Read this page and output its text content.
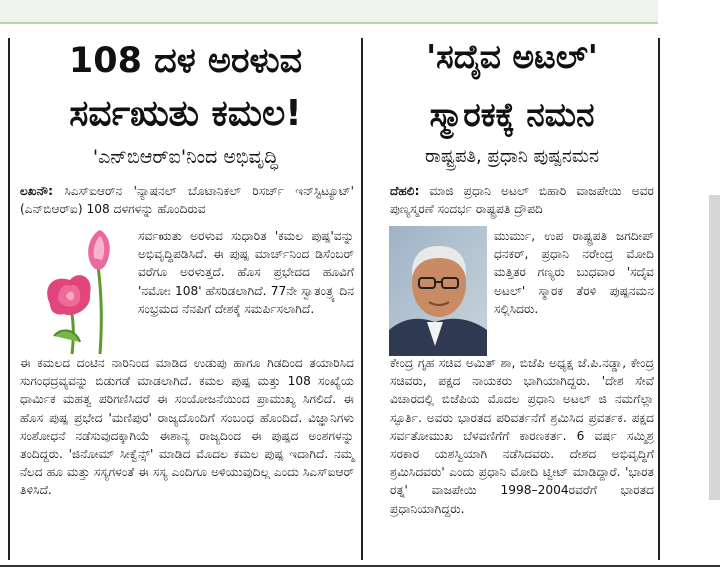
108 ದಳ ಅರಳುವ
ಸರ್ವಋತು ಕಮಲ!
'ಎನ್‌ಬಿಆರ್‌ಐ'ನಿಂದ ಅಭಿವೃದ್ಧಿ
ಲಖನೌ: ಸಿಎಸ್‌ಐಆರ್‌ನ 'ನ್ಯಾಷನಲ್ ಬೊಟಾನಿಕಲ್ ರಿಸರ್ಚ್ ಇನ್‌ಸ್ಟಿಟ್ಯೂಟ್' (ಎನ್‌ಬಿಆರ್‌ಐ) 108 ದಳಗಳನ್ನು ಹೊಂದಿರುವ
ಸರ್ವಋತು ಅರಳುವ ಸುಧಾರಿತ 'ಕಮಲ ಪುಷ್ಪ'ವನ್ನು ಅಭಿವೃದ್ಧಿಪಡಿಸಿದೆ. ಈ ಪುಷ್ಪ ಮಾರ್ಚ್‌ನಿಂದ ಡಿಸೆಂಬರ್ ವರೆಗೂ ಅರಳುತ್ತದೆ. ಹೊಸ ಪ್ರಭೇದದ ಹೂವಿಗೆ 'ನಮೋಃ 108' ಹೆಸರಿಡಲಾಗಿದೆ. 77ನೇ ಸ್ವಾತಂತ್ರ್ಯ ದಿನ ಸಂಭ್ರಮದ ನೆನಪಿಗೆ ದೇಶಕ್ಕೆ ಸಮರ್ಪಿಸಲಾಗಿದೆ.
ಈ ಕಮಲದ ದಂಟಿನ ನಾರಿನಿಂದ ಮಾಡಿದ ಉಡುಪು ಹಾಗೂ ಗಿಡದಿಂದ ತಯಾರಿಸಿದ ಸುಗಂಧದ್ರವ್ಯವನ್ನು ಬಿಡುಗಡೆ ಮಾಡಲಾಗಿದೆ. ಕಮಲ ಪುಷ್ಪ ಮತ್ತು 108 ಸಂಖ್ಯೆಯ ಧಾರ್ಮಿಕ ಮಹತ್ವ ಪರಿಗಣಿಸಿದರೆ ಈ ಸಂಯೋಜನೆಯಿಂದ ಪ್ರಾಮುಖ್ಯ ಸಿಗಲಿದೆ. ಈ ಹೊಸ ಪುಷ್ಪ ಪ್ರಭೇದ 'ಮಣಿಪುರ' ರಾಜ್ಯದೊಂದಿಗೆ ಸಂಬಂಧ ಹೊಂದಿದೆ. ವಿಜ್ಞಾನಿಗಳು ಸಂಶೋಧನೆ ನಡೆಸುವುದಕ್ಕಾಗಿಯೆ ಈಶಾನ್ಯ ರಾಜ್ಯದಿಂದ ಈ ಪುಷ್ಪದ ಅಂಶಗಳನ್ನು ತಂದಿದ್ದರು. 'ಜಿನೋಮ್ ಸೀಕ್ವೆನ್ಸ್' ಮಾಡಿದ ಮೊದಲ ಕಮಲ ಪುಷ್ಪ ಇದಾಗಿದೆ. ನಮ್ಮ ನೆಲದ ಹೂ ಮತ್ತು ಸಸ್ಯಗಳಂತೆ ಈ ಸಸ್ಯ ಎಂದಿಗೂ ಅಳಿಯುವುದಿಲ್ಲ ಎಂದು ಸಿಎಸ್‌ಐಆರ್ ತಿಳಿಸಿದೆ.
'ಸದೈವ ಅಟಲ್'
ಸ್ಮಾರಕಕ್ಕೆ ನಮನ
ರಾಷ್ಟ್ರಪತಿ, ಪ್ರಧಾನಿ ಪುಷ್ಪನಮನ
ದೆಹಲಿ: ಮಾಜಿ ಪ್ರಧಾನಿ ಅಟಲ್ ಬಿಹಾರಿ ವಾಜಪೇಯಿ ಅವರ ಪುಣ್ಯಸ್ಮರಣೆ ಸಂದರ್ಭ ರಾಷ್ಟ್ರಪತಿ ದ್ರೌಪದಿ
ಮುರ್ಮು, ಉಪ ರಾಷ್ಟ್ರಪತಿ ಜಗದೀಪ್ ಧನಕರ್, ಪ್ರಧಾನಿ ನರೇಂದ್ರ ಮೋದಿ ಮತ್ತಿತರ ಗಣ್ಯರು ಬುಧವಾರ 'ಸದೈವ ಅಟಲ್' ಸ್ಮಾರಕ ತೆರಳಿ ಪುಷ್ಪನಮನ ಸಲ್ಲಿಸಿದರು.
ಕೇಂದ್ರ ಗೃಹ ಸಚಿವ ಅಮಿತ್ ಶಾ, ಬಿಜೆಪಿ ಅಧ್ಯಕ್ಷ ಜೆ.ಪಿ.ನಡ್ಡಾ, ಕೇಂದ್ರ ಸಚಿವರು, ಪಕ್ಷದ ನಾಯಕರು ಭಾಗಿಯಾಗಿದ್ದರು. 'ದೇಶ ಸೇವೆ ವಿಚಾರದಲ್ಲಿ ಬಿಜೆಪಿಯ ಮೊದಲ ಪ್ರಧಾನಿ ಅಟಲ್ ಜಿ ನಮಗೆಲ್ಲಾ ಸ್ಫೂರ್ತಿ. ಅವರು ಭಾರತದ ಪರಿವರ್ತನೆಗೆ ಶ್ರಮಿಸಿದ ಪ್ರವರ್ತಕ. ಪಕ್ಷದ ಸರ್ವತೋಮುಖ ಬೆಳವಣಿಗೆಗೆ ಕಾರಣಕರ್ತ. 6 ವರ್ಷ ಸಮ್ಮಿಶ್ರ ಸರಕಾರ ಯಶಸ್ವಿಯಾಗಿ ನಡೆಸಿದವರು. ದೇಶದ ಅಭಿವೃದ್ಧಿಗೆ ಶ್ರಮಿಸಿದವರು' ಎಂದು ಪ್ರಧಾನಿ ಮೋದಿ ಟ್ವೀಟ್ ಮಾಡಿದ್ದಾರೆ. 'ಭಾರತ ರತ್ನ' ವಾಜಪೇಯಿ 1998–2004ರವರೆಗೆ ಭಾರತದ ಪ್ರಧಾನಿಯಾಗಿದ್ದರು.
